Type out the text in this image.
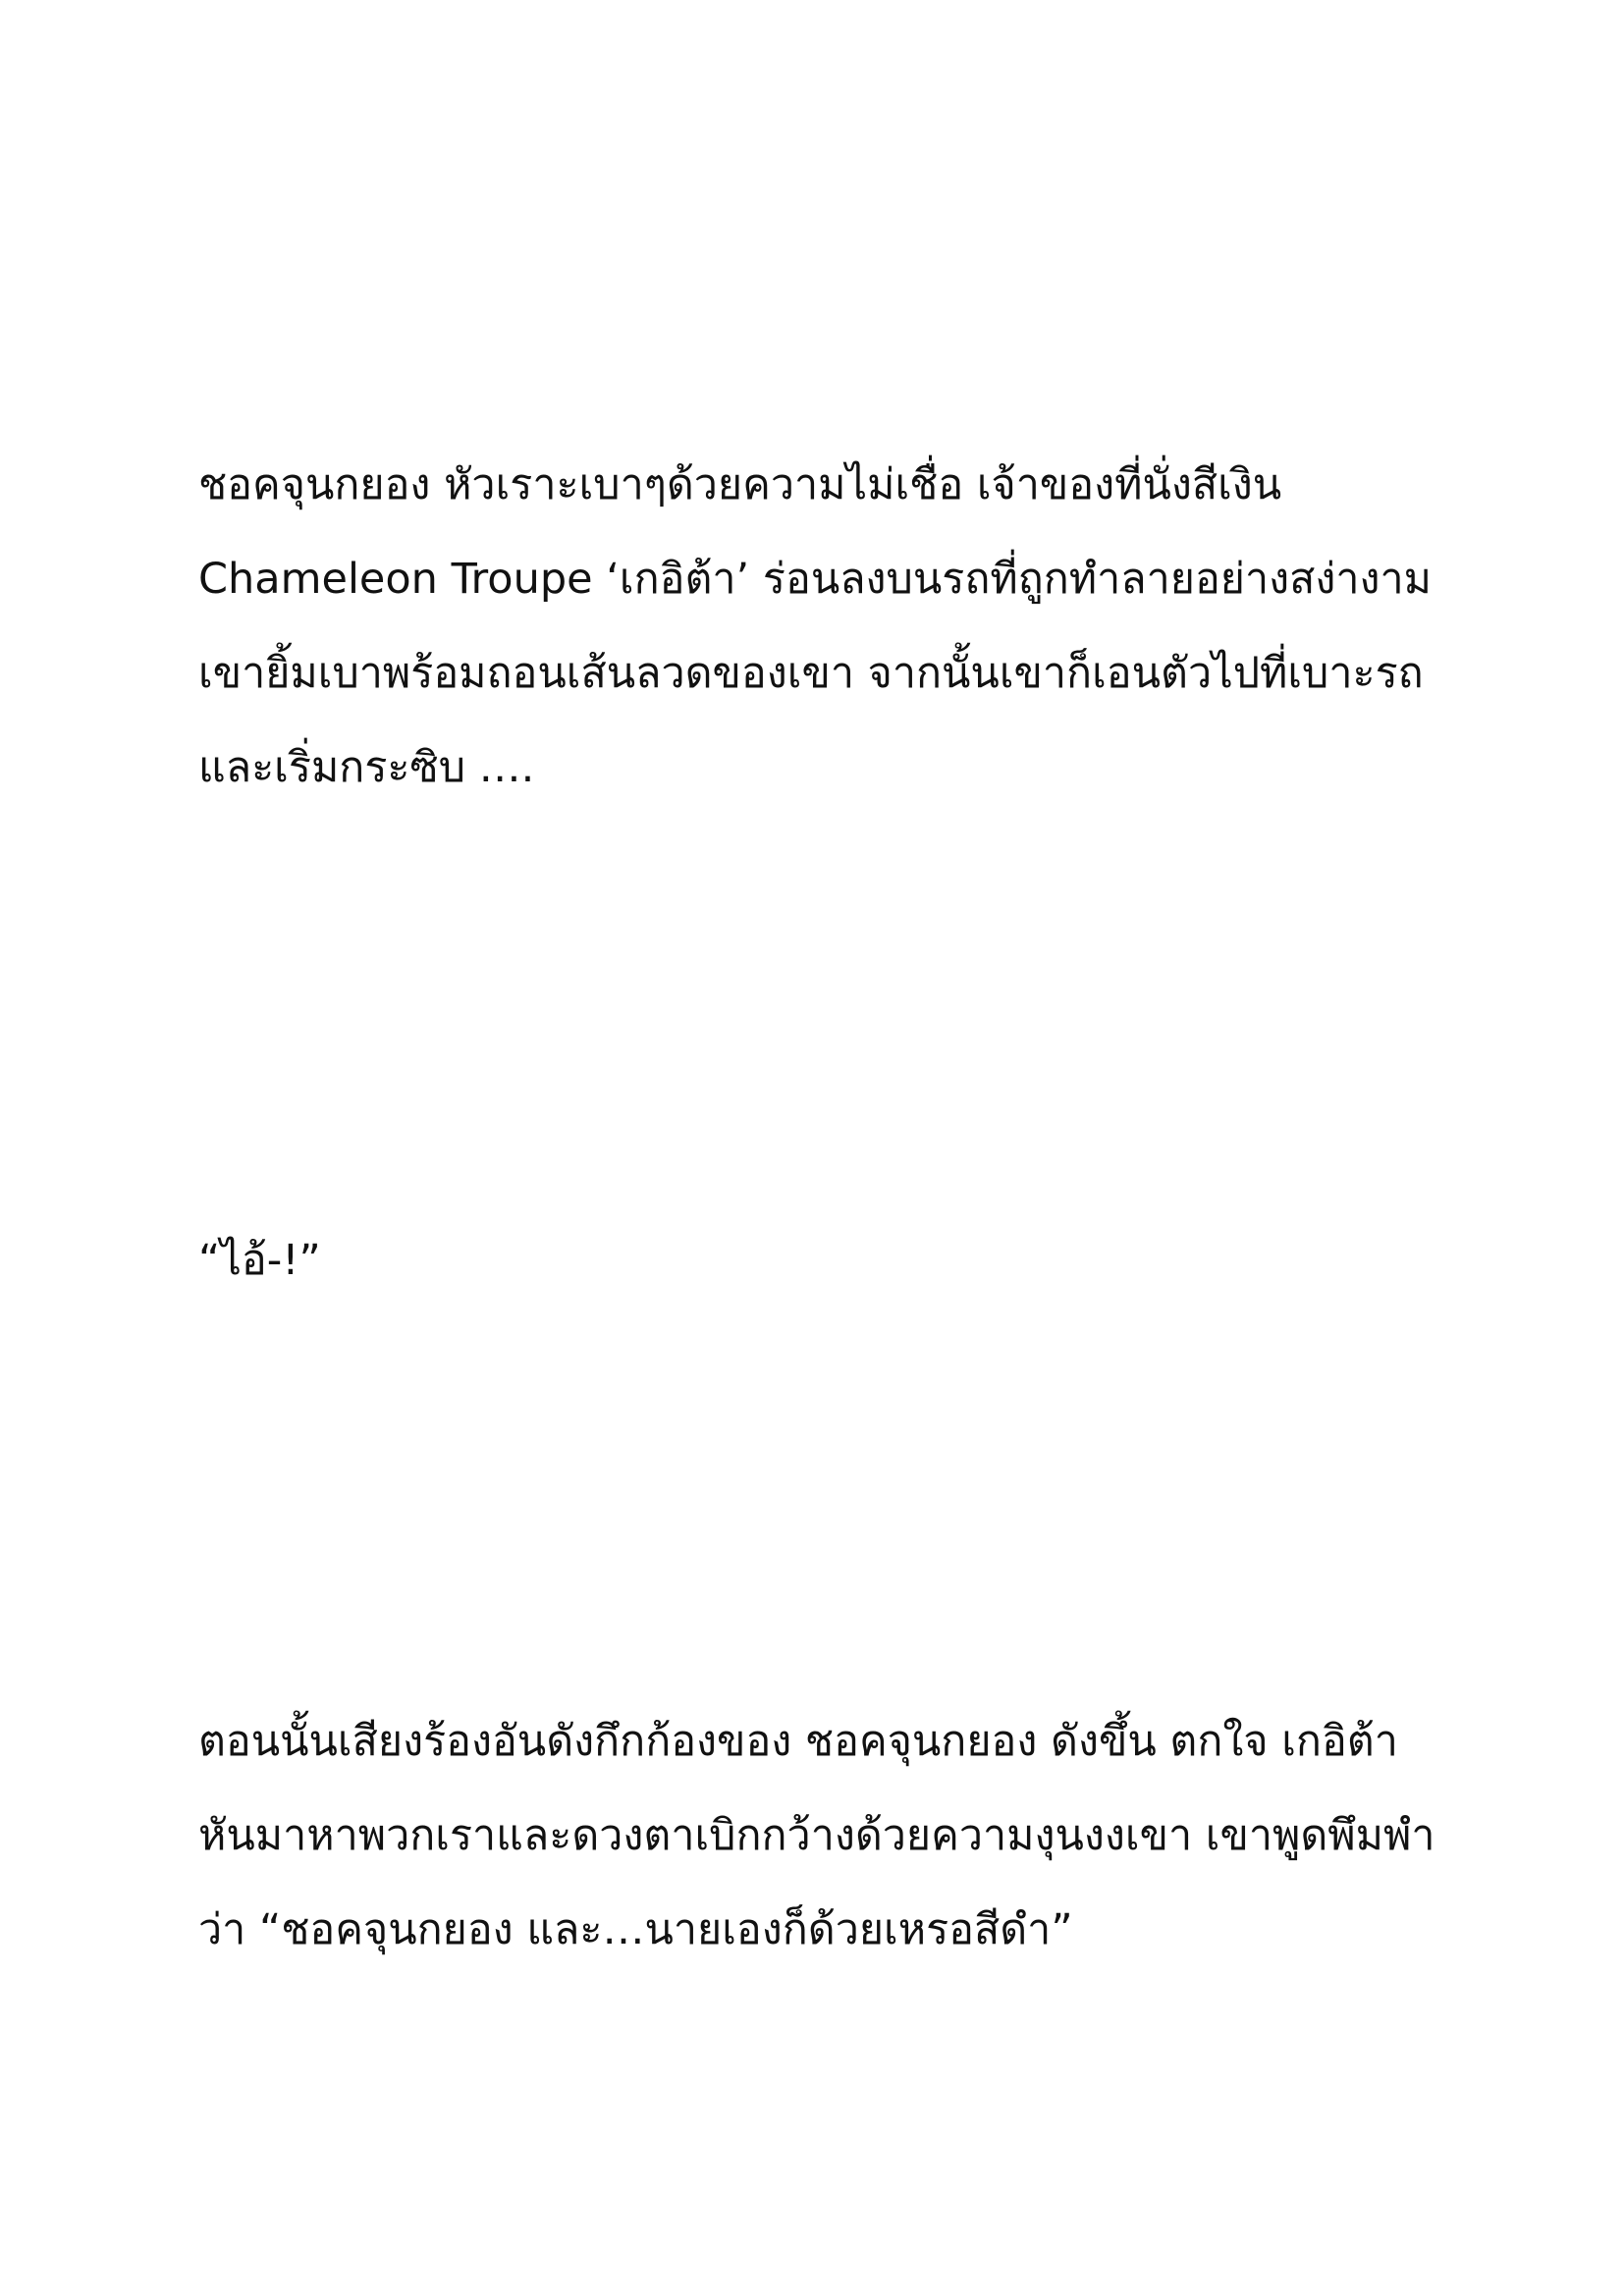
ชอคจุนกยอง หัวเราะเบาๆด้วยความไม่เชื่อ เจ้าของที่นั่งสีเงิน
Chameleon Troupe ‘เกอิต้า’ ร่อนลงบนรถที่ถูกทำลายอย่างสง่างาม
เขายิ้มเบาพร้อมถอนเส้นลวดของเขา จากนั้นเขาก็เอนตัวไปที่เบาะรถ
และเริ่มกระซิบ ….

“ไอ้-!”

ตอนนั้นเสียงร้องอันดังกึกก้องของ ชอคจุนกยอง ดังขึ้น ตกใจ เกอิต้า
หันมาหาพวกเราและดวงตาเบิกกว้างด้วยความงุนงงเขา เขาพูดพึมพำ
ว่า “ชอคจุนกยอง และ…นายเองก็ด้วยเหรอสีดำ”
